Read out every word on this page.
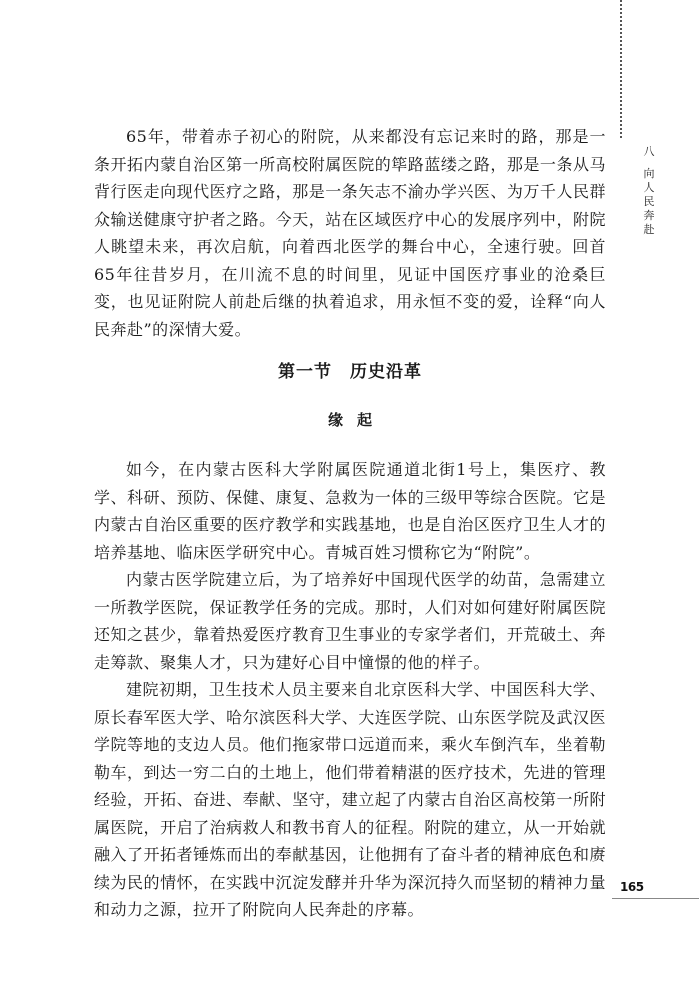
八
向人民奔赴

65年，带着赤子初心的附院，从来都没有忘记来时的路，那是一条开拓内蒙自治区第一所高校附属医院的筚路蓝缕之路，那是一条从马背行医走向现代医疗之路，那是一条矢志不渝办学兴医、为万千人民群众输送健康守护者之路。今天，站在区域医疗中心的发展序列中，附院人眺望未来，再次启航，向着西北医学的舞台中心，全速行驶。回首65年往昔岁月，在川流不息的时间里，见证中国医疗事业的沧桑巨变，也见证附院人前赴后继的执着追求，用永恒不变的爱，诠释“向人民奔赴”的深情大爱。

第一节　历史沿革
缘起

如今，在内蒙古医科大学附属医院通道北街1号上，集医疗、教学、科研、预防、保健、康复、急救为一体的三级甲等综合医院。它是内蒙古自治区重要的医疗教学和实践基地，也是自治区医疗卫生人才的培养基地、临床医学研究中心。青城百姓习惯称它为“附院”。

内蒙古医学院建立后，为了培养好中国现代医学的幼苗，急需建立一所教学医院，保证教学任务的完成。那时，人们对如何建好附属医院还知之甚少，靠着热爱医疗教育卫生事业的专家学者们，开荒破土、奔走筹款、聚集人才，只为建好心目中憧憬的他的样子。

建院初期，卫生技术人员主要来自北京医科大学、中国医科大学、原长春军医大学、哈尔滨医科大学、大连医学院、山东医学院及武汉医学院等地的支边人员。他们拖家带口远道而来，乘火车倒汽车，坐着勒勒车，到达一穷二白的土地上，他们带着精湛的医疗技术，先进的管理经验，开拓、奋进、奉献、坚守，建立起了内蒙古自治区高校第一所附属医院，开启了治病救人和教书育人的征程。附院的建立，从一开始就融入了开拓者锤炼而出的奉献基因，让他拥有了奋斗者的精神底色和赓续为民的情怀，在实践中沉淀发酵并升华为深沉持久而坚韧的精神力量和动力之源，拉开了附院向人民奔赴的序幕。

165
